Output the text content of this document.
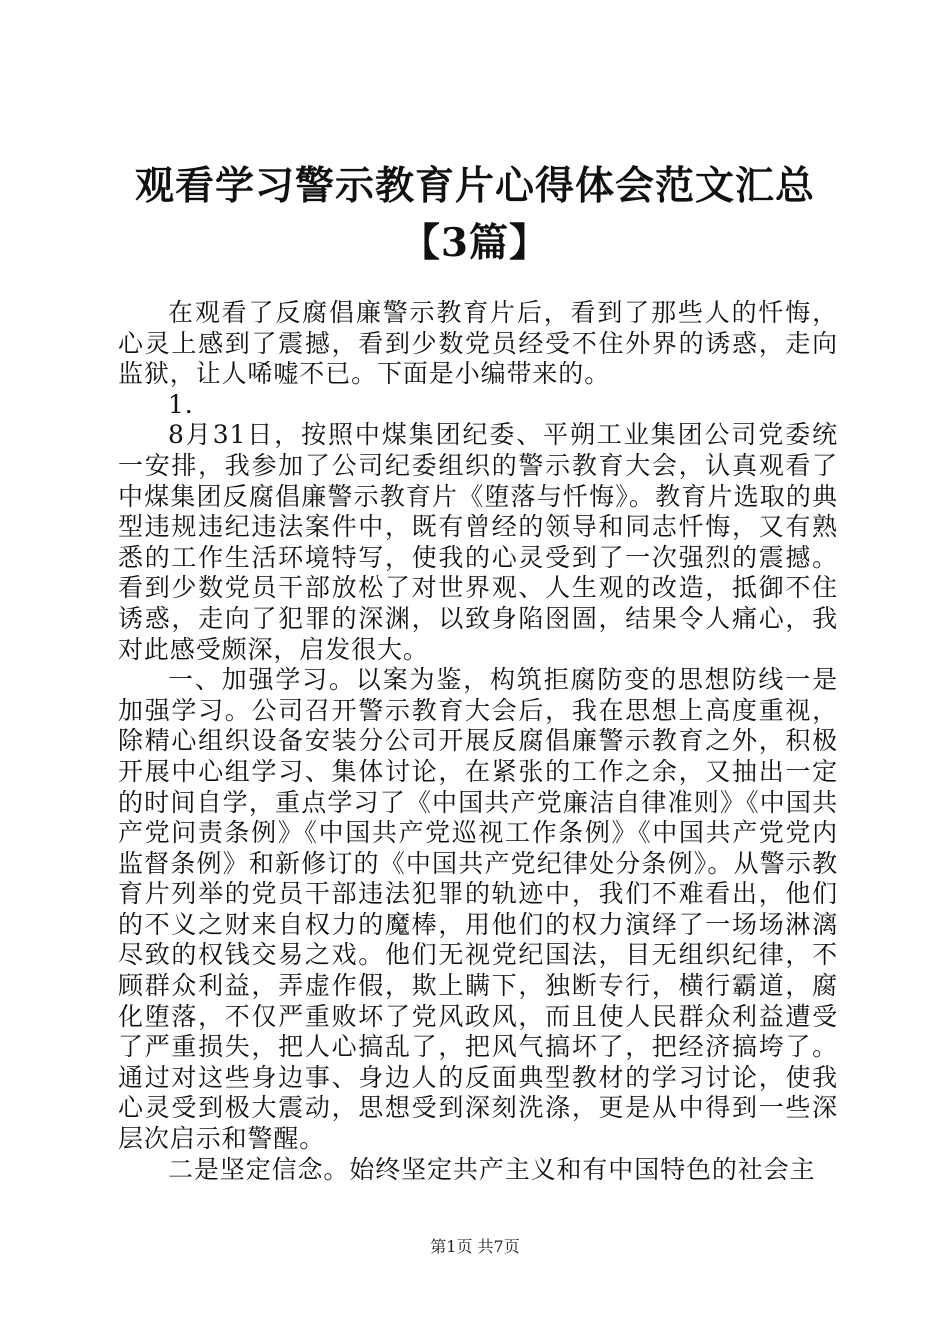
观看学习警示教育片心得体会范文汇总【3篇】

在观看了反腐倡廉警示教育片后，看到了那些人的忏悔，心灵上感到了震撼，看到少数党员经受不住外界的诱惑，走向监狱，让人唏嘘不已。下面是小编带来的。

1.

8月31日，按照中煤集团纪委、平朔工业集团公司党委统一安排，我参加了公司纪委组织的警示教育大会，认真观看了中煤集团反腐倡廉警示教育片《堕落与忏悔》。教育片选取的典型违规违纪违法案件中，既有曾经的领导和同志忏悔，又有熟悉的工作生活环境特写，使我的心灵受到了一次强烈的震撼。看到少数党员干部放松了对世界观、人生观的改造，抵御不住诱惑，走向了犯罪的深渊，以致身陷囹圄，结果令人痛心，我对此感受颇深，启发很大。

一、加强学习。以案为鉴，构筑拒腐防变的思想防线一是加强学习。公司召开警示教育大会后，我在思想上高度重视，除精心组织设备安装分公司开展反腐倡廉警示教育之外，积极开展中心组学习、集体讨论，在紧张的工作之余，又抽出一定的时间自学，重点学习了《中国共产党廉洁自律准则》《中国共产党问责条例》《中国共产党巡视工作条例》《中国共产党党内监督条例》和新修订的《中国共产党纪律处分条例》。从警示教育片列举的党员干部违法犯罪的轨迹中，我们不难看出，他们的不义之财来自权力的魔棒，用他们的权力演绎了一场场淋漓尽致的权钱交易之戏。他们无视党纪国法，目无组织纪律，不顾群众利益，弄虚作假，欺上瞒下，独断专行，横行霸道，腐化堕落，不仅严重败坏了党风政风，而且使人民群众利益遭受了严重损失，把人心搞乱了，把风气搞坏了，把经济搞垮了。通过对这些身边事、身边人的反面典型教材的学习讨论，使我心灵受到极大震动，思想受到深刻洗涤，更是从中得到一些深层次启示和警醒。

二是坚定信念。始终坚定共产主义和有中国特色的社会主

第1页 共7页
